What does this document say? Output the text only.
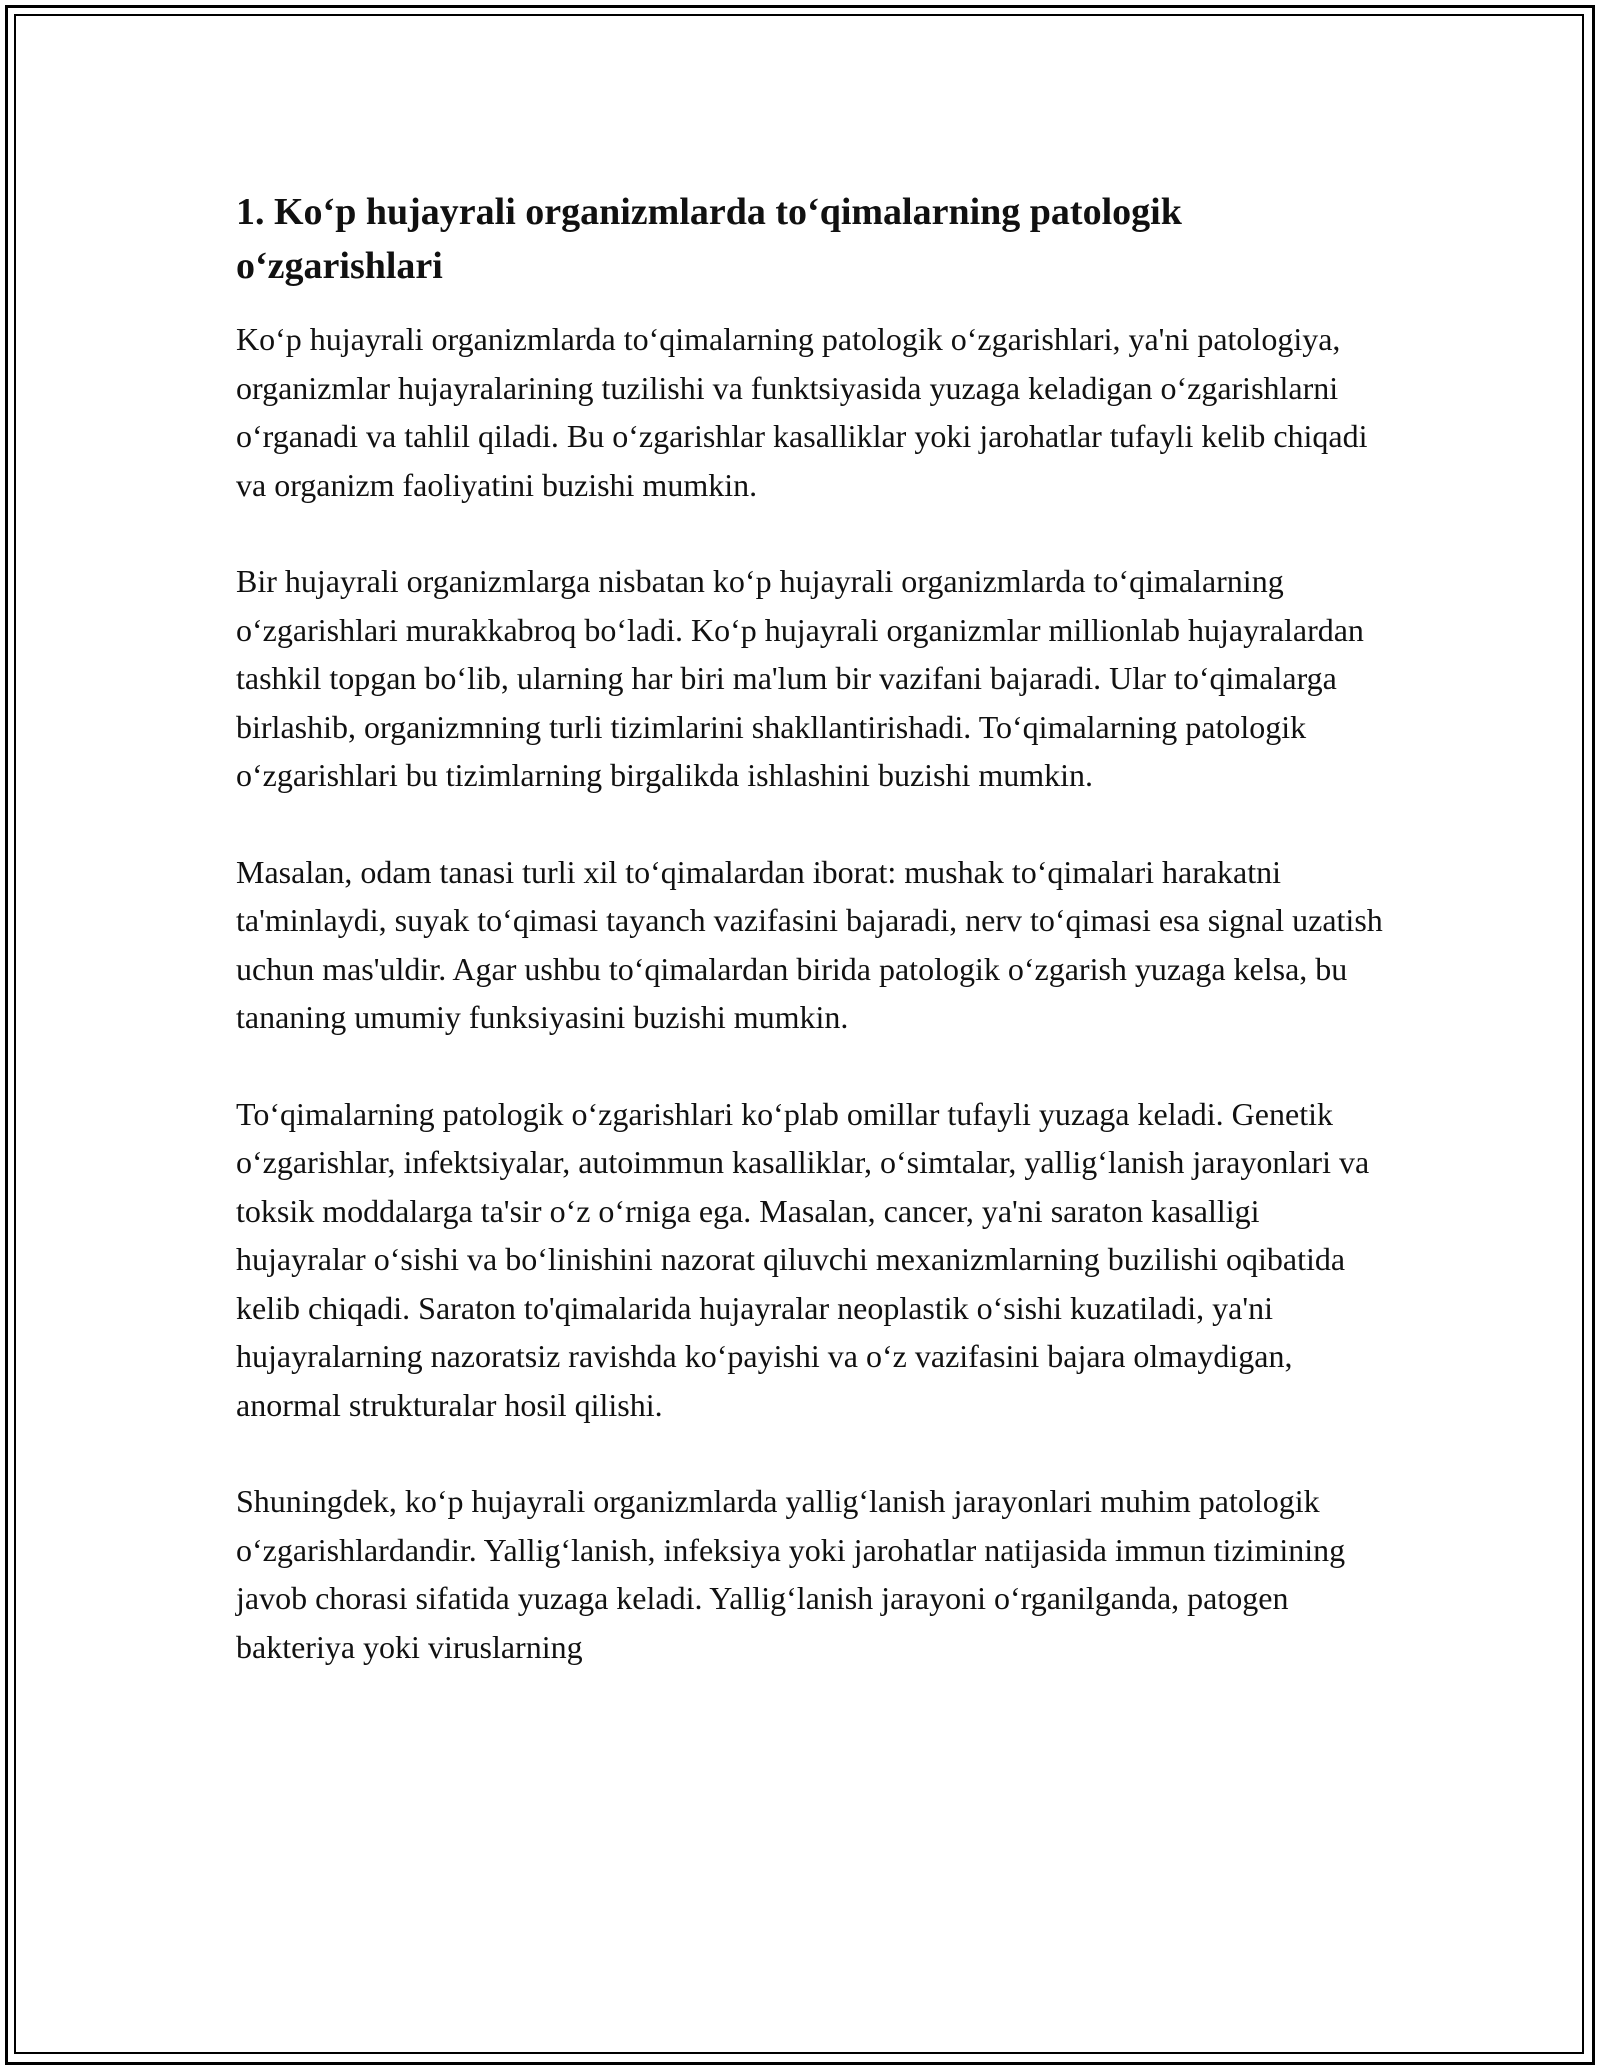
1. Ko‘p hujayrali organizmlarda to‘qimalarning patologik o‘zgarishlari

Ko‘p hujayrali organizmlarda to‘qimalarning patologik o‘zgarishlari, ya'ni patologiya, organizmlar hujayralarining tuzilishi va funktsiyasida yuzaga keladigan o‘zgarishlarni o‘rganadi va tahlil qiladi. Bu o‘zgarishlar kasalliklar yoki jarohatlar tufayli kelib chiqadi va organizm faoliyatini buzishi mumkin.

Bir hujayrali organizmlarga nisbatan ko‘p hujayrali organizmlarda to‘qimalarning o‘zgarishlari murakkabroq bo‘ladi. Ko‘p hujayrali organizmlar millionlab hujayralardan tashkil topgan bo‘lib, ularning har biri ma'lum bir vazifani bajaradi. Ular to‘qimalarga birlashib, organizmning turli tizimlarini shakllantirishadi. To‘qimalarning patologik o‘zgarishlari bu tizimlarning birgalikda ishlashini buzishi mumkin.

Masalan, odam tanasi turli xil to‘qimalardan iborat: mushak to‘qimalari harakatni ta'minlaydi, suyak to‘qimasi tayanch vazifasini bajaradi, nerv to‘qimasi esa signal uzatish uchun mas'uldir. Agar ushbu to‘qimalardan birida patologik o‘zgarish yuzaga kelsa, bu tananing umumiy funksiyasini buzishi mumkin.

To‘qimalarning patologik o‘zgarishlari ko‘plab omillar tufayli yuzaga keladi. Genetik o‘zgarishlar, infektsiyalar, autoimmun kasalliklar, o‘simtalar, yallig‘lanish jarayonlari va toksik moddalarga ta'sir o‘z o‘rniga ega. Masalan, cancer, ya'ni saraton kasalligi hujayralar o‘sishi va bo‘linishini nazorat qiluvchi mexanizmlarning buzilishi oqibatida kelib chiqadi. Saraton to'qimalarida hujayralar neoplastik o‘sishi kuzatiladi, ya'ni hujayralarning nazoratsiz ravishda ko‘payishi va o‘z vazifasini bajara olmaydigan, anormal strukturalar hosil qilishi.

Shuningdek, ko‘p hujayrali organizmlarda yallig‘lanish jarayonlari muhim patologik o‘zgarishlardandir. Yallig‘lanish, infeksiya yoki jarohatlar natijasida immun tizimining javob chorasi sifatida yuzaga keladi. Yallig‘lanish jarayoni o‘rganilganda, patogen bakteriya yoki viruslarning
